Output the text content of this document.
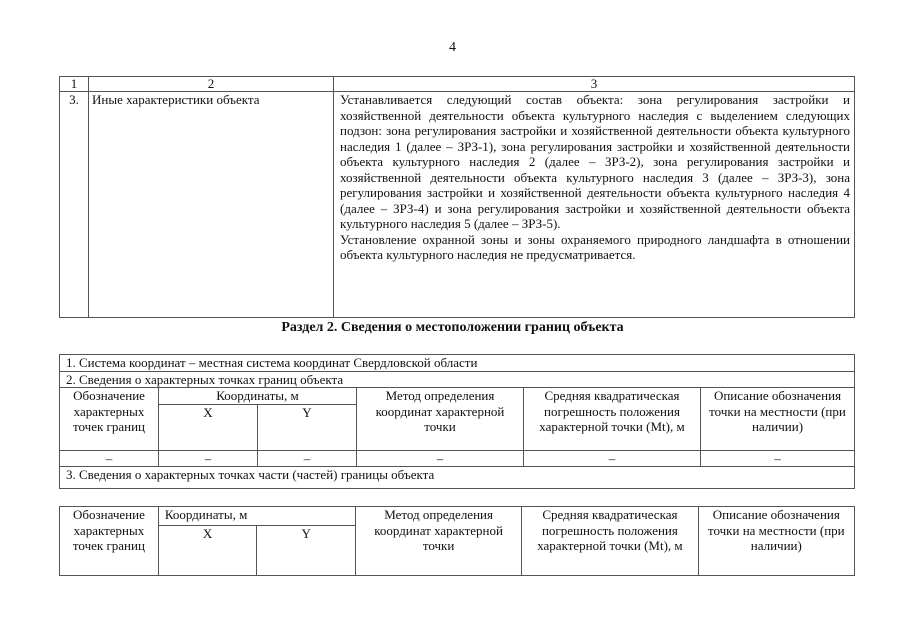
4
1	2	3
3.	Иные характеристики объекта	Устанавливается следующий состав объекта: зона регулирования застройки и хозяйственной деятельности объекта культурного наследия с выделением следующих подзон: зона регулирования застройки и хозяйственной деятельности объекта культурного наследия 1 (далее – ЗРЗ-1), зона регулирования застройки и хозяйственной деятельности объекта культурного наследия 2 (далее – ЗРЗ-2), зона регулирования застройки и хозяйственной деятельности объекта культурного наследия 3 (далее – ЗРЗ-3), зона регулирования застройки и хозяйственной деятельности объекта культурного наследия 4 (далее – ЗРЗ-4) и зона регулирования застройки и хозяйственной деятельности объекта культурного наследия 5 (далее – ЗРЗ-5).

Установление охранной зоны и зоны охраняемого природного ландшафта в отношении объекта культурного наследия не предусматривается.

Раздел 2. Сведения о местоположении границ объекта
1. Система координат – местная система координат Свердловской области					
2. Сведения о характерных точках границ объекта					
Обозначение характерных точек границ	Координаты, м		Метод определения координат характерной точки	Средняя квадратическая погрешность положения характерной точки (Mt), м	Описание обозначения точки на местности (при наличии)
	X	Y			
–	–	–	–	–	–
3. Сведения о характерных точках части (частей) границы объекта					
Обозначение характерных точек границ	Координаты, м		Метод определения координат характерной точки	Средняя квадратическая погрешность положения характерной точки (Mt), м	Описание обозначения точки на местности (при наличии)
	X	Y			
